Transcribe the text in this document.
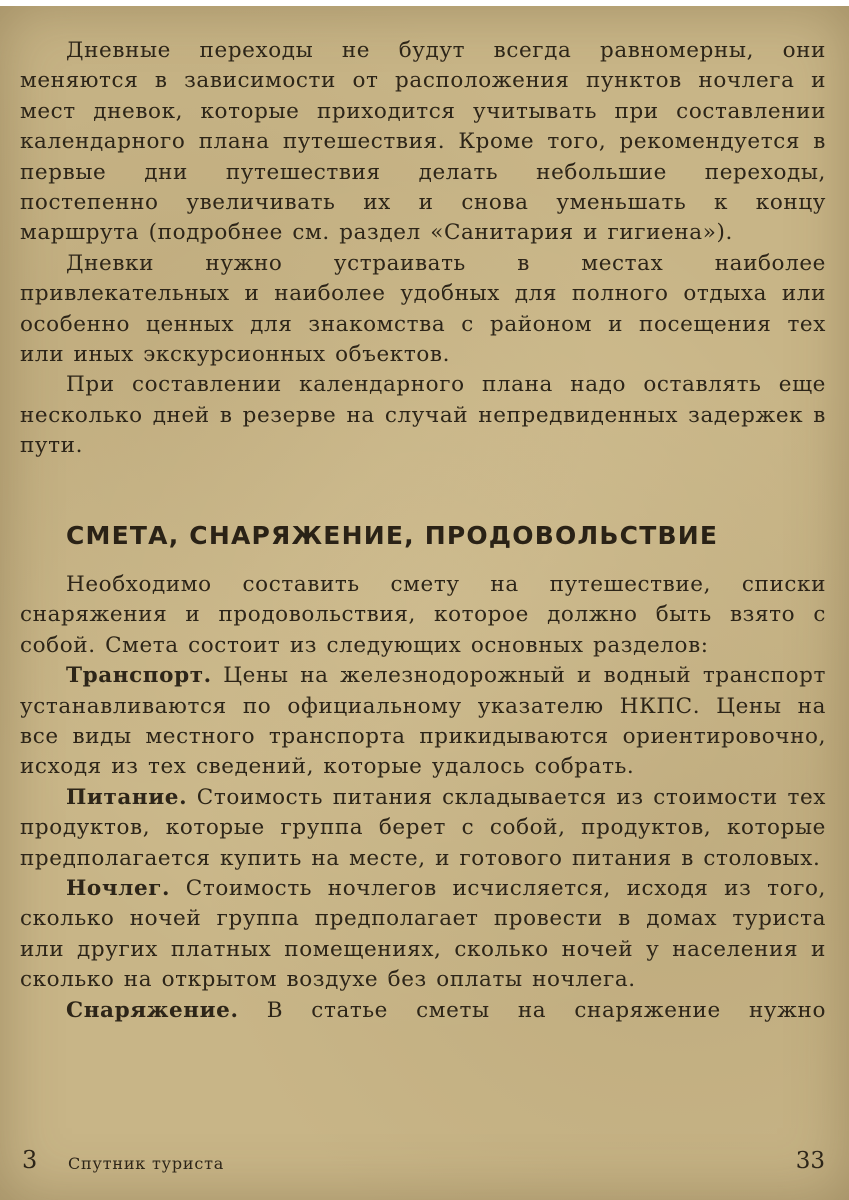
Дневные переходы не будут всегда равномерны, они меняются в зависимости от расположения пунктов ночлега и мест дневок, которые приходится учитывать при составлении календарного плана путешествия. Кроме того, рекомендуется в первые дни путешествия делать небольшие переходы, постепенно увеличивать их и снова уменьшать к концу маршрута (подробнее см. раздел «Санитария и гигиена»).

Дневки нужно устраивать в местах наиболее привлекательных и наиболее удобных для полного отдыха или особенно ценных для знакомства с районом и посещения тех или иных экскурсионных объектов.

При составлении календарного плана надо оставлять еще несколько дней в резерве на случай непредвиденных задержек в пути.

СМЕТА, СНАРЯЖЕНИЕ, ПРОДОВОЛЬСТВИЕ

Необходимо составить смету на путешествие, списки снаряжения и продовольствия, которое должно быть взято с собой. Смета состоит из следующих основных разделов:

Транспорт. Цены на железнодорожный и водный транспорт устанавливаются по официальному указателю НКПС. Цены на все виды местного транспорта прикидываются ориентировочно, исходя из тех сведений, которые удалось собрать.

Питание. Стоимость питания складывается из стоимости тех продуктов, которые группа берет с собой, продуктов, которые предполагается купить на месте, и готового питания в столовых.

Ночлег. Стоимость ночлегов исчисляется, исходя из того, сколько ночей группа предполагает провести в домах туриста или других платных помещениях, сколько ночей у населения и сколько на открытом воздухе без оплаты ночлега.

Снаряжение. В статье сметы на снаряжение нужно

3 Спутник туриста	33
